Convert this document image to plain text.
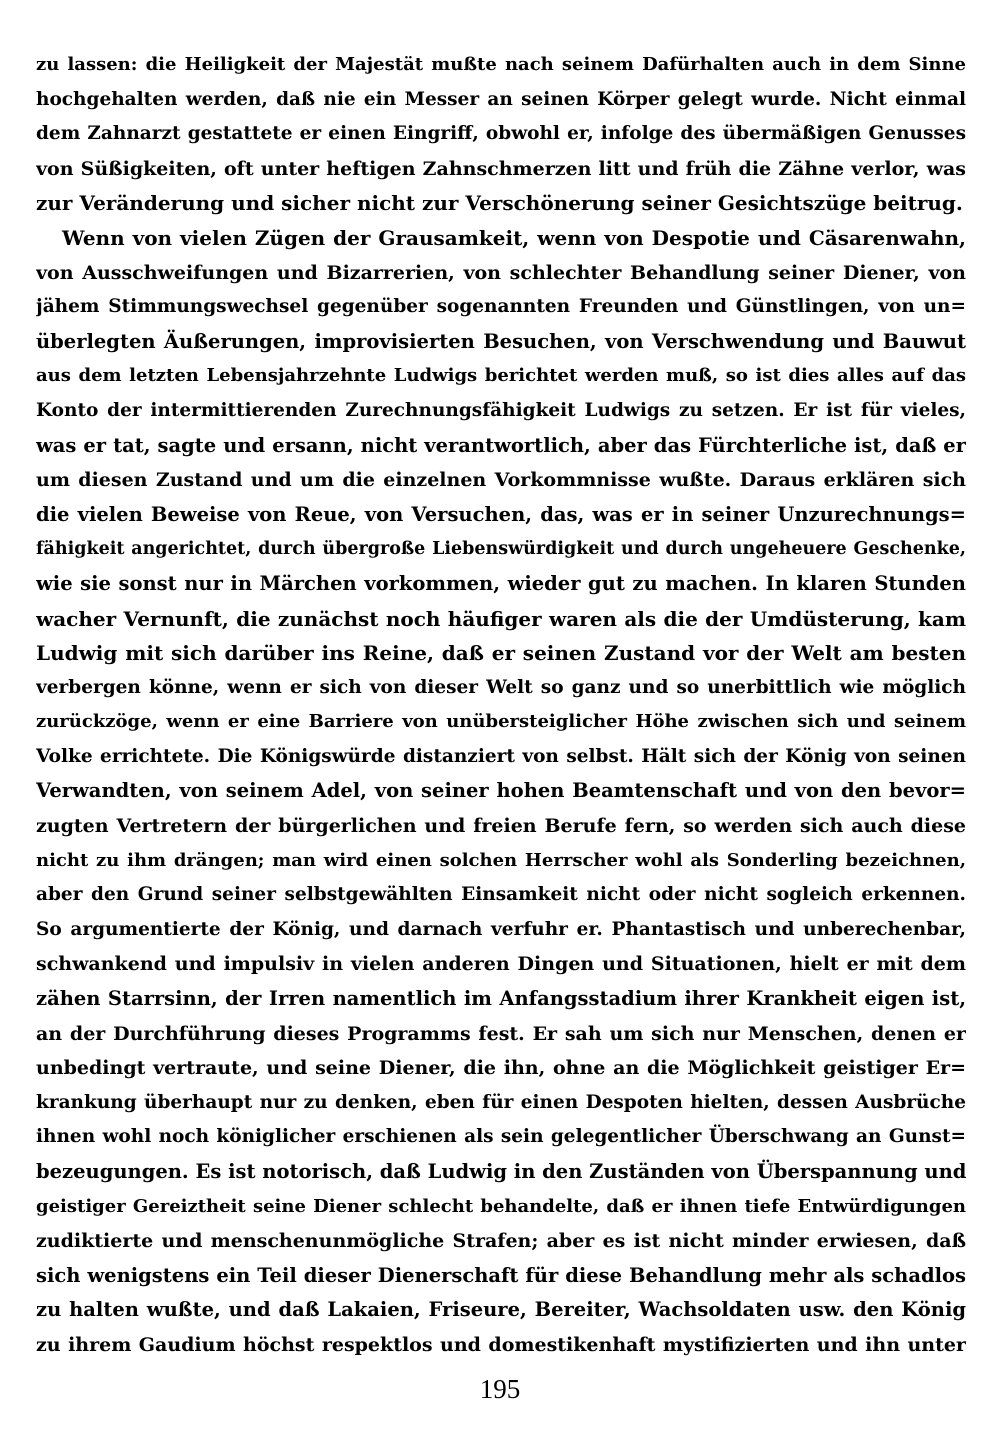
zu lassen: die Heiligkeit der Majestät mußte nach seinem Dafürhalten auch in dem Sinne
hochgehalten werden, daß nie ein Messer an seinen Körper gelegt wurde. Nicht einmal
dem Zahnarzt gestattete er einen Eingriff, obwohl er, infolge des übermäßigen Genusses
von Süßigkeiten, oft unter heftigen Zahnschmerzen litt und früh die Zähne verlor, was
zur Veränderung und sicher nicht zur Verschönerung seiner Gesichtszüge beitrug.
Wenn von vielen Zügen der Grausamkeit, wenn von Despotie und Cäsarenwahn,
von Ausschweifungen und Bizarrerien, von schlechter Behandlung seiner Diener, von
jähem Stimmungswechsel gegenüber sogenannten Freunden und Günstlingen, von un=
überlegten Äußerungen, improvisierten Besuchen, von Verschwendung und Bauwut
aus dem letzten Lebensjahrzehnte Ludwigs berichtet werden muß, so ist dies alles auf das
Konto der intermittierenden Zurechnungsfähigkeit Ludwigs zu setzen. Er ist für vieles,
was er tat, sagte und ersann, nicht verantwortlich, aber das Fürchterliche ist, daß er
um diesen Zustand und um die einzelnen Vorkommnisse wußte. Daraus erklären sich
die vielen Beweise von Reue, von Versuchen, das, was er in seiner Unzurechnungs=
fähigkeit angerichtet, durch übergroße Liebenswürdigkeit und durch ungeheuere Geschenke,
wie sie sonst nur in Märchen vorkommen, wieder gut zu machen. In klaren Stunden
wacher Vernunft, die zunächst noch häufiger waren als die der Umdüsterung, kam
Ludwig mit sich darüber ins Reine, daß er seinen Zustand vor der Welt am besten
verbergen könne, wenn er sich von dieser Welt so ganz und so unerbittlich wie möglich
zurückzöge, wenn er eine Barriere von unübersteiglicher Höhe zwischen sich und seinem
Volke errichtete. Die Königswürde distanziert von selbst. Hält sich der König von seinen
Verwandten, von seinem Adel, von seiner hohen Beamtenschaft und von den bevor=
zugten Vertretern der bürgerlichen und freien Berufe fern, so werden sich auch diese
nicht zu ihm drängen; man wird einen solchen Herrscher wohl als Sonderling bezeichnen,
aber den Grund seiner selbstgewählten Einsamkeit nicht oder nicht sogleich erkennen.
So argumentierte der König, und darnach verfuhr er. Phantastisch und unberechenbar,
schwankend und impulsiv in vielen anderen Dingen und Situationen, hielt er mit dem
zähen Starrsinn, der Irren namentlich im Anfangsstadium ihrer Krankheit eigen ist,
an der Durchführung dieses Programms fest. Er sah um sich nur Menschen, denen er
unbedingt vertraute, und seine Diener, die ihn, ohne an die Möglichkeit geistiger Er=
krankung überhaupt nur zu denken, eben für einen Despoten hielten, dessen Ausbrüche
ihnen wohl noch königlicher erschienen als sein gelegentlicher Überschwang an Gunst=
bezeugungen. Es ist notorisch, daß Ludwig in den Zuständen von Überspannung und
geistiger Gereiztheit seine Diener schlecht behandelte, daß er ihnen tiefe Entwürdigungen
zudiktierte und menschenunmögliche Strafen; aber es ist nicht minder erwiesen, daß
sich wenigstens ein Teil dieser Dienerschaft für diese Behandlung mehr als schadlos
zu halten wußte, und daß Lakaien, Friseure, Bereiter, Wachsoldaten usw. den König
zu ihrem Gaudium höchst respektlos und domestikenhaft mystifizierten und ihn unter
195
